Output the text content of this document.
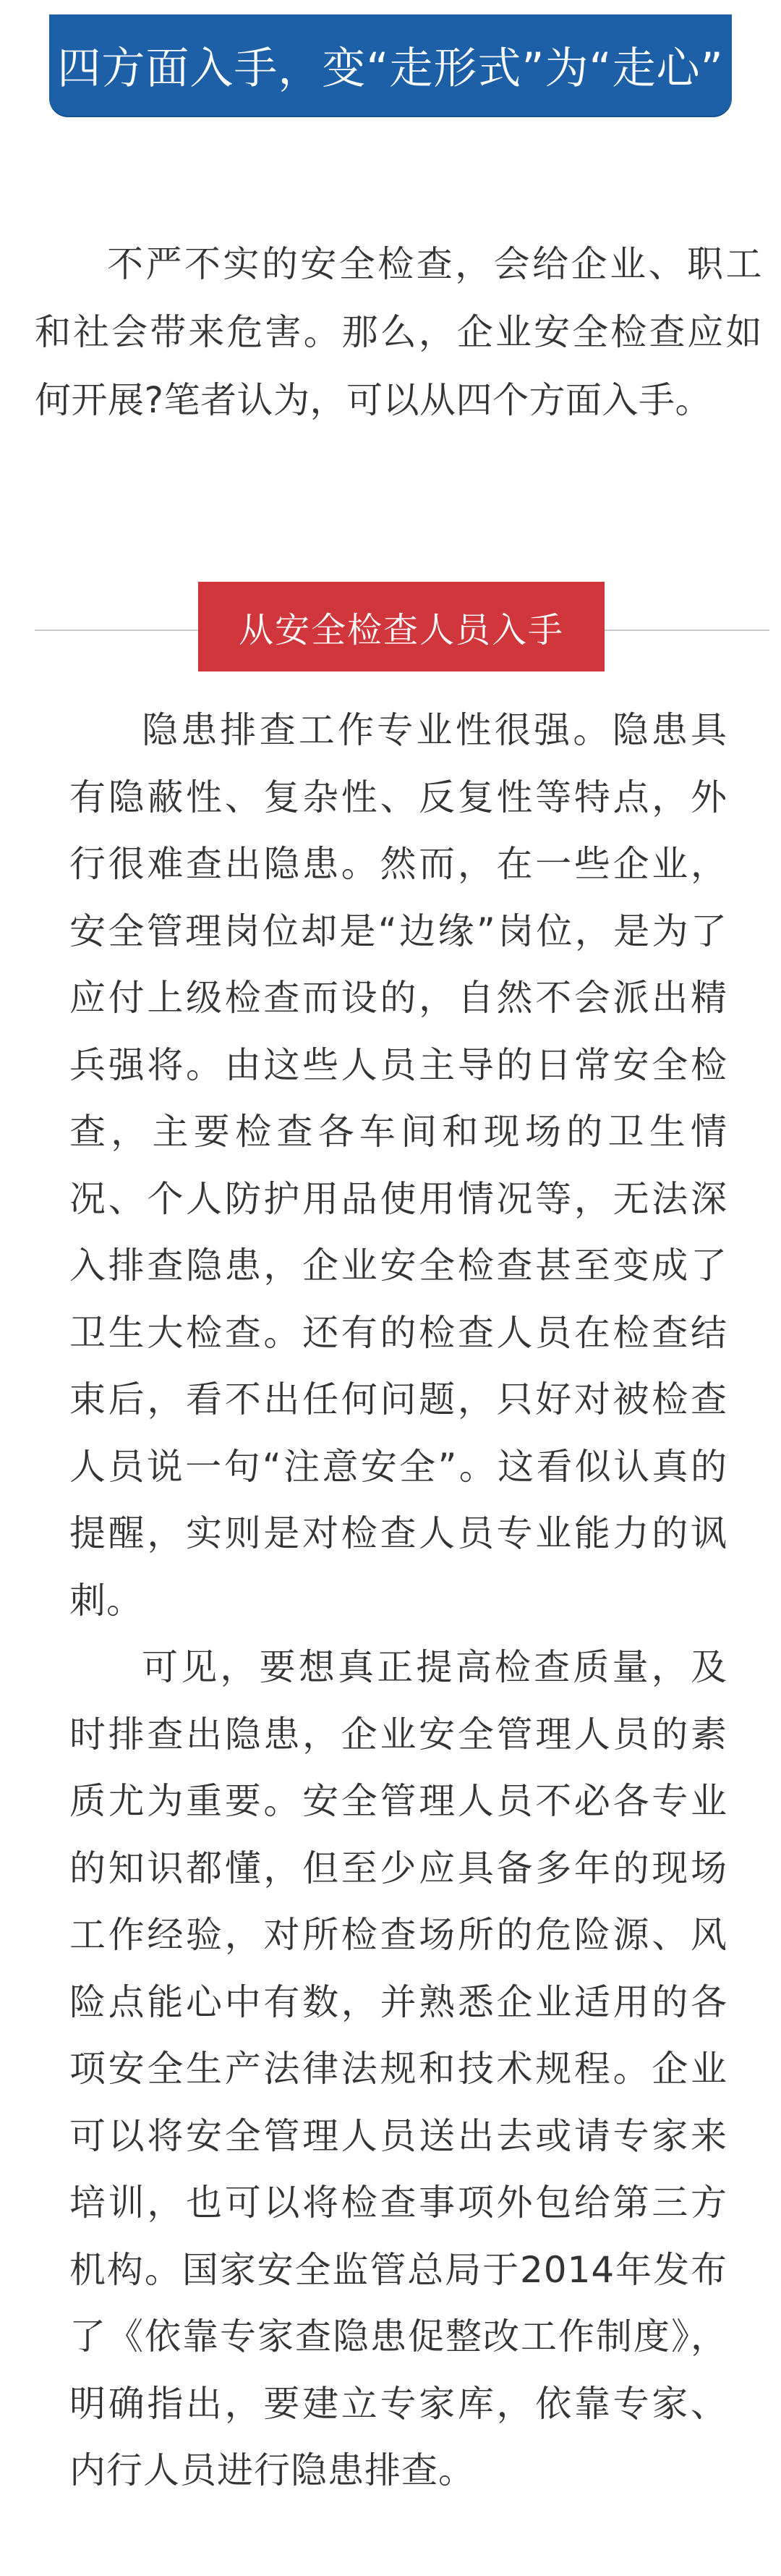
四方面入手，变“走形式”为“走心”

不严不实的安全检查，会给企业、职工和社会带来危害。那么，企业安全检查应如何开展?笔者认为，可以从四个方面入手。

从安全检查人员入手

隐患排查工作专业性很强。隐患具有隐蔽性、复杂性、反复性等特点，外行很难查出隐患。然而，在一些企业，安全管理岗位却是“边缘”岗位，是为了应付上级检查而设的，自然不会派出精兵强将。由这些人员主导的日常安全检查，主要检查各车间和现场的卫生情况、个人防护用品使用情况等，无法深入排查隐患，企业安全检查甚至变成了卫生大检查。还有的检查人员在检查结束后，看不出任何问题，只好对被检查人员说一句“注意安全”。这看似认真的提醒，实则是对检查人员专业能力的讽刺。

可见，要想真正提高检查质量，及时排查出隐患，企业安全管理人员的素质尤为重要。安全管理人员不必各专业的知识都懂，但至少应具备多年的现场工作经验，对所检查场所的危险源、风险点能心中有数，并熟悉企业适用的各项安全生产法律法规和技术规程。企业可以将安全管理人员送出去或请专家来培训，也可以将检查事项外包给第三方机构。国家安全监管总局于2014年发布了《依靠专家查隐患促整改工作制度》，明确指出，要建立专家库，依靠专家、内行人员进行隐患排查。
